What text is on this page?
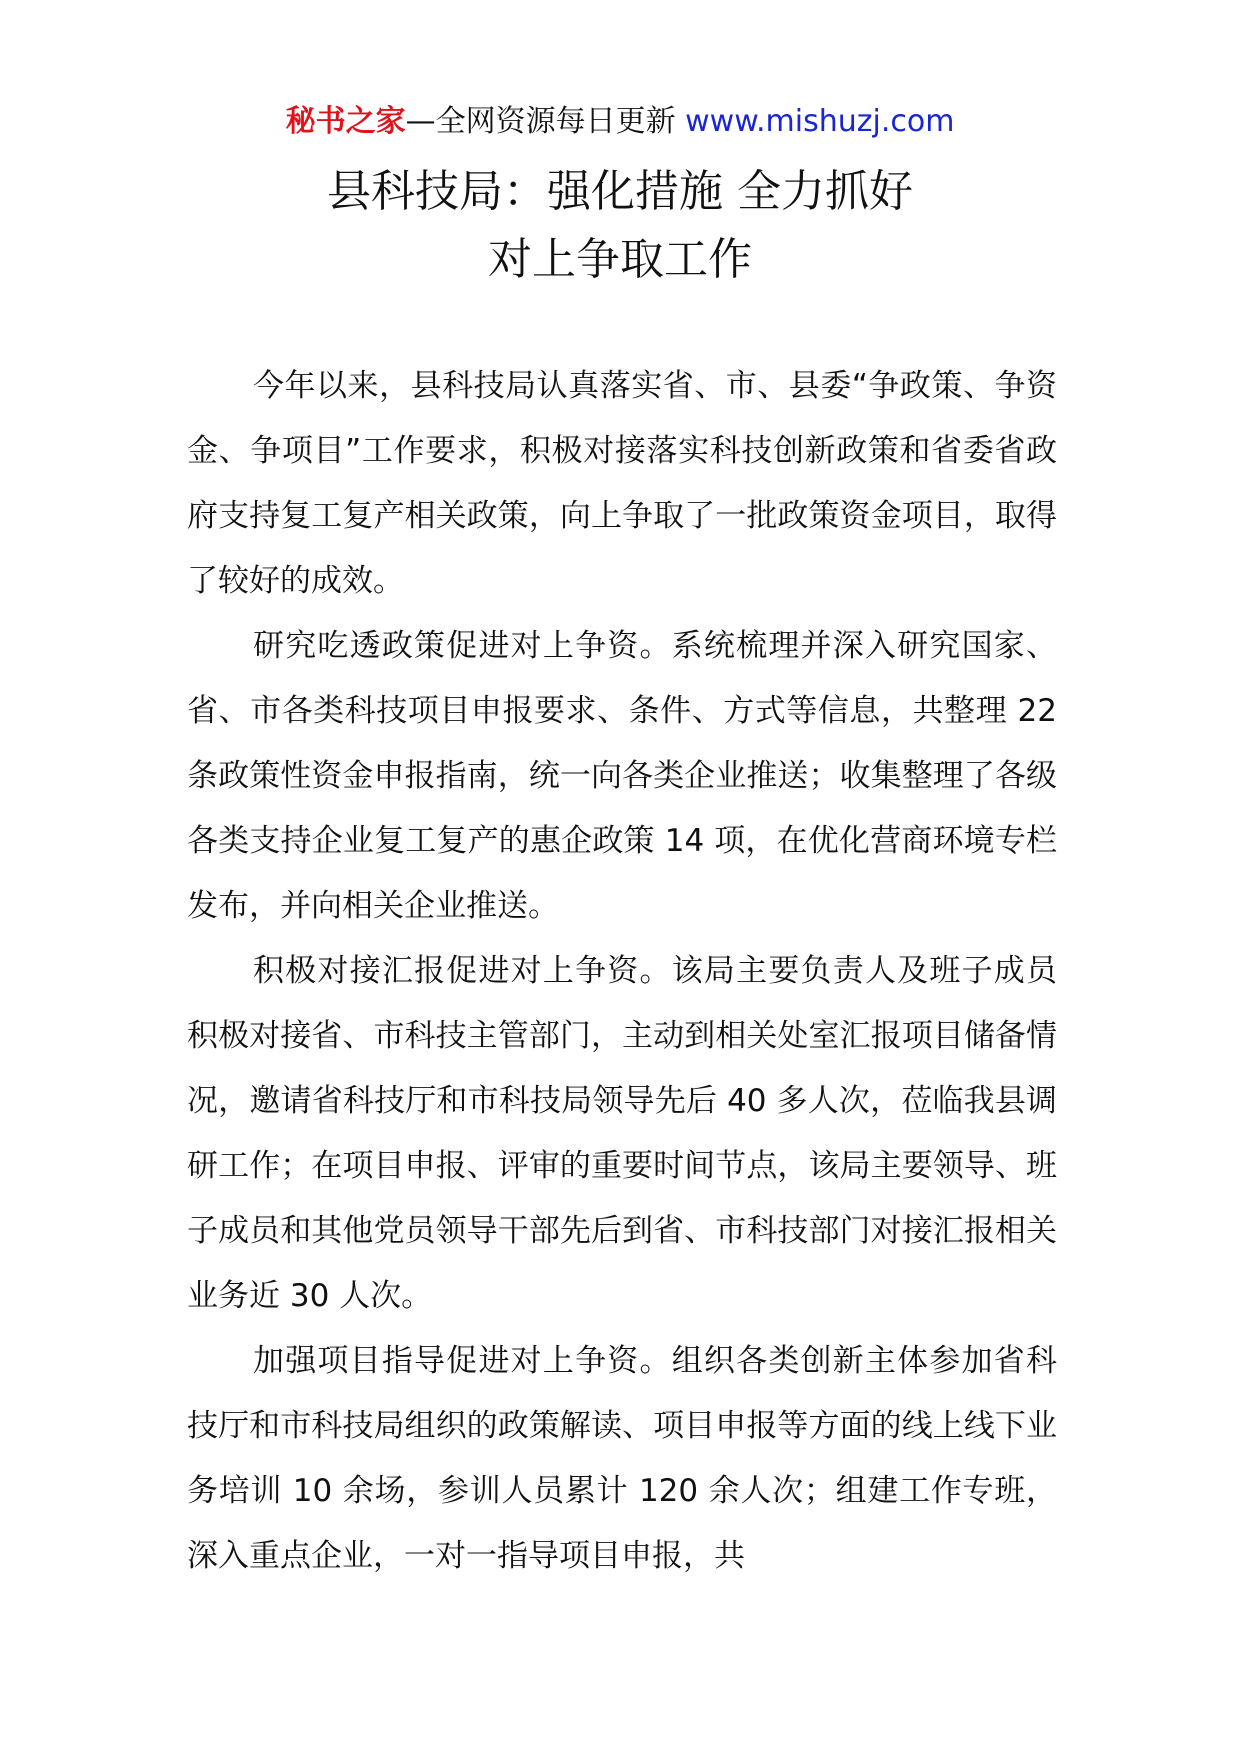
秘书之家—全网资源每日更新 www.mishuzj.com
县科技局：强化措施 全力抓好
对上争取工作

今年以来，县科技局认真落实省、市、县委“争政策、争资金、争项目”工作要求，积极对接落实科技创新政策和省委省政府支持复工复产相关政策，向上争取了一批政策资金项目，取得了较好的成效。

研究吃透政策促进对上争资。系统梳理并深入研究国家、省、市各类科技项目申报要求、条件、方式等信息，共整理 22 条政策性资金申报指南，统一向各类企业推送；收集整理了各级各类支持企业复工复产的惠企政策 14 项，在优化营商环境专栏发布，并向相关企业推送。

积极对接汇报促进对上争资。该局主要负责人及班子成员积极对接省、市科技主管部门，主动到相关处室汇报项目储备情况，邀请省科技厅和市科技局领导先后 40 多人次，莅临我县调研工作；在项目申报、评审的重要时间节点，该局主要领导、班子成员和其他党员领导干部先后到省、市科技部门对接汇报相关业务近 30 人次。

加强项目指导促进对上争资。组织各类创新主体参加省科技厅和市科技局组织的政策解读、项目申报等方面的线上线下业务培训 10 余场，参训人员累计 120 余人次；组建工作专班，深入重点企业，一对一指导项目申报，共
